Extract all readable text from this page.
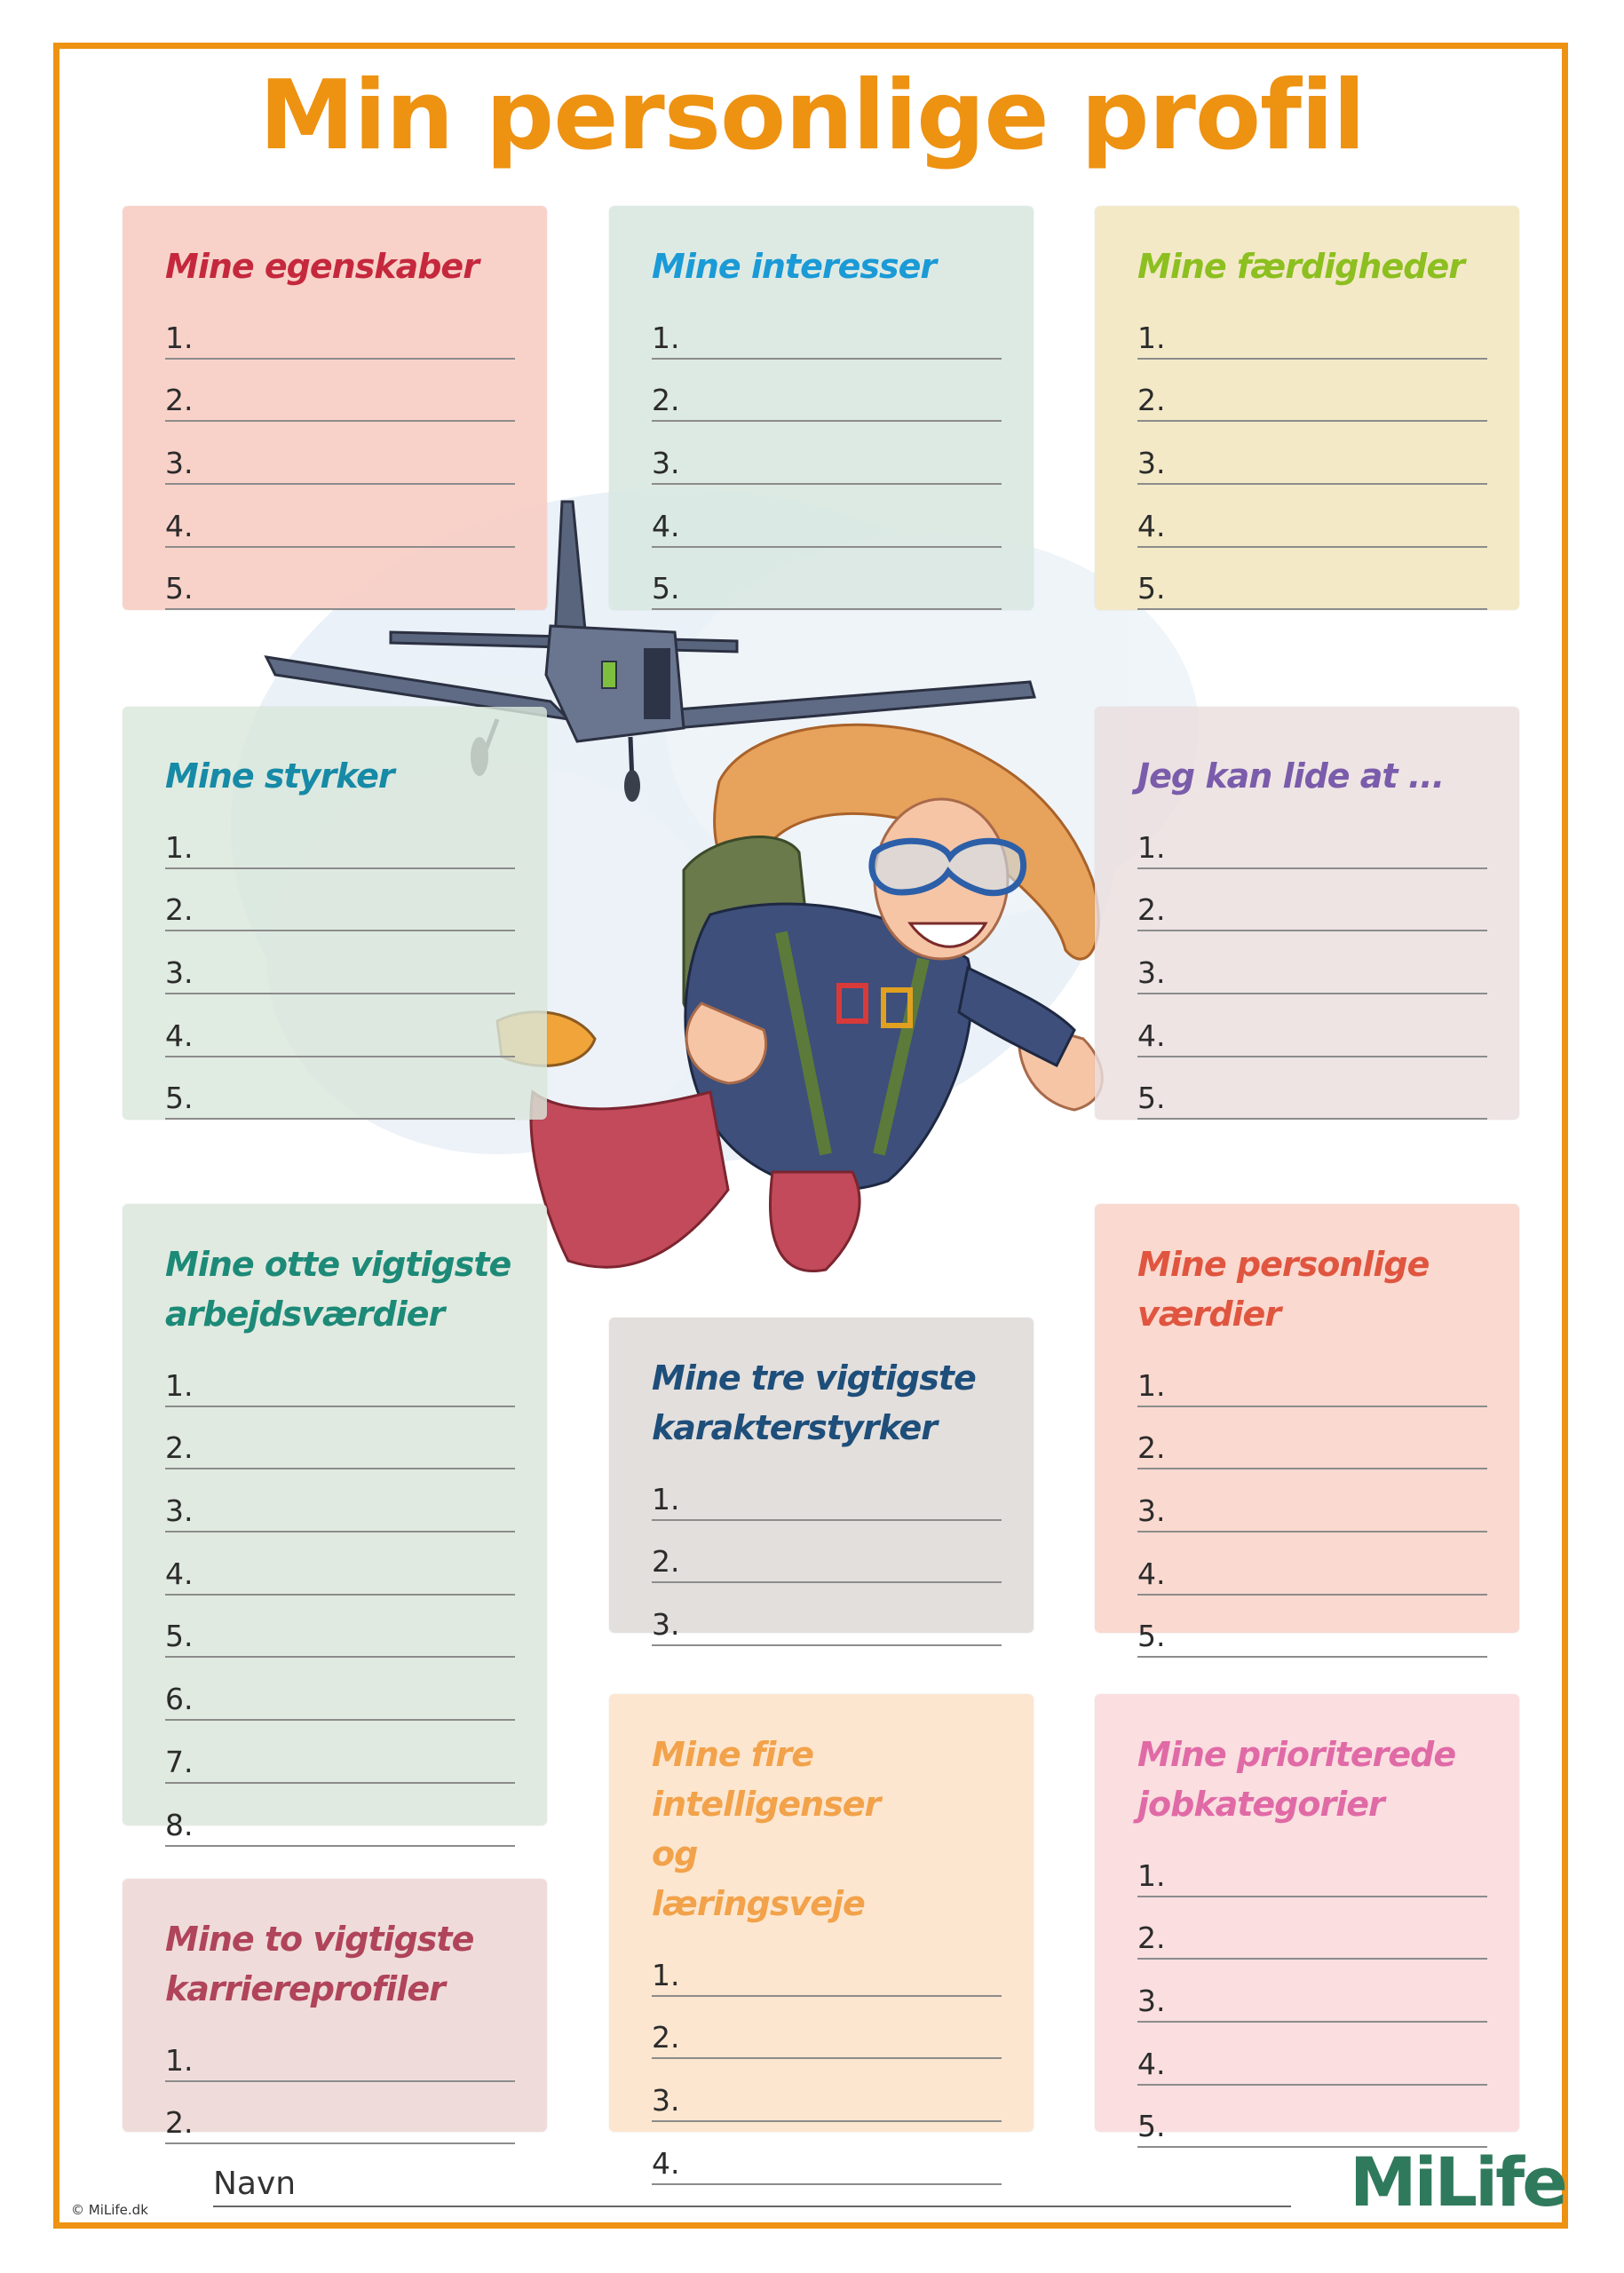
Min personlige profil
Mine egenskaber
1.
2.
3.
4.
5.
Mine interesser
1.
2.
3.
4.
5.
Mine færdigheder
1.
2.
3.
4.
5.
Mine styrker
1.
2.
3.
4.
5.
Jeg kan lide at ...
1.
2.
3.
4.
5.
Mine otte vigtigste arbejdsværdier
1.
2.
3.
4.
5.
6.
7.
8.
Mine tre vigtigste karakterstyrker
1.
2.
3.
Mine personlige værdier
1.
2.
3.
4.
5.
Mine fire intelligenser og læringsveje
1.
2.
3.
4.
Mine prioriterede jobkategorier
1.
2.
3.
4.
5.
Mine to vigtigste karriereprofiler
1.
2.
Navn
© MiLife.dk	MiLife
